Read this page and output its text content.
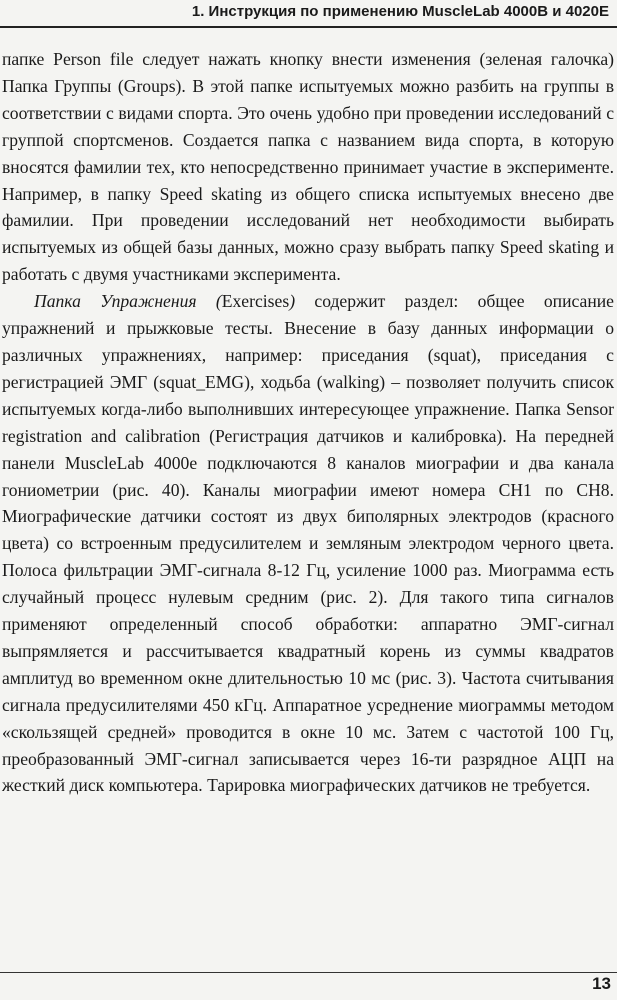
1. Инструкция по применению MuscleLab 4000B и 4020E

папке Person file следует нажать кнопку внести изменения (зеленая галочка) Папка Группы (Groups). В этой папке испытуемых можно разбить на группы в соответствии с видами спорта. Это очень удобно при проведении исследований с группой спортсменов. Создается папка с названием вида спорта, в которую вносятся фамилии тех, кто непосредственно принимает участие в эксперименте. Например, в папку Speed skating из общего списка испытуемых внесено две фамилии. При проведении исследований нет необходимости выбирать испытуемых из общей базы данных, можно сразу выбрать папку Speed skating и работать с двумя участниками эксперимента.

Папка Упражнения (Exercises) содержит раздел: общее описание упражнений и прыжковые тесты. Внесение в базу данных информации о различных упражнениях, например: приседания (squat), приседания с регистрацией ЭМГ (squat_EMG), ходьба (walking) – позволяет получить список испытуемых когда-либо выполнивших интересующее упражнение. Папка Sensor registration and calibration (Регистрация датчиков и калибровка). На передней панели MuscleLab 4000e подключаются 8 каналов миографии и два канала гониометрии (рис. 40). Каналы миографии имеют номера CH1 по CH8. Миографические датчики состоят из двух биполярных электродов (красного цвета) со встроенным предусилителем и земляным электродом черного цвета. Полоса фильтрации ЭМГ-сигнала 8-12 Гц, усиление 1000 раз. Миограмма есть случайный процесс нулевым средним (рис. 2). Для такого типа сигналов применяют определенный способ обработки: аппаратно ЭМГ-сигнал выпрямляется и рассчитывается квадратный корень из суммы квадратов амплитуд во временном окне длительностью 10 мс (рис. 3). Частота считывания сигнала предусилителями 450 кГц. Аппаратное усреднение миограммы методом «скользящей средней» проводится в окне 10 мс. Затем с частотой 100 Гц, преобразованный ЭМГ-сигнал записывается через 16-ти разрядное АЦП на жесткий диск компьютера. Тарировка миографических датчиков не требуется.

13
